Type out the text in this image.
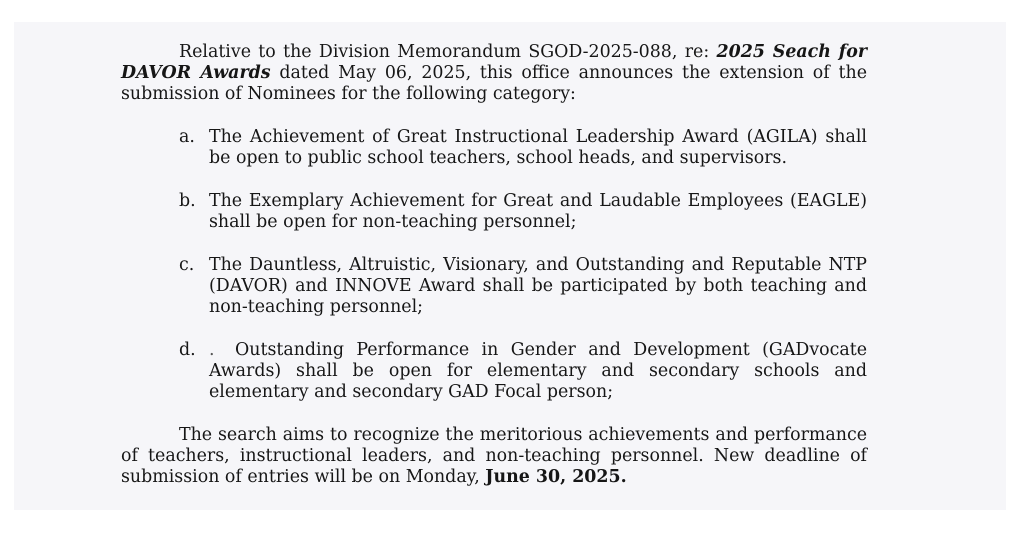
Relative to the Division Memorandum SGOD-2025-088, re: 2025 Seach for DAVOR Awards dated May 06, 2025, this office announces the extension of the submission of Nominees for the following category:

a. The Achievement of Great Instructional Leadership Award (AGILA) shall be open to public school teachers, school heads, and supervisors.
b. The Exemplary Achievement for Great and Laudable Employees (EAGLE) shall be open for non-teaching personnel;
c. The Dauntless, Altruistic, Visionary, and Outstanding and Reputable NTP (DAVOR) and INNOVE Award shall be participated by both teaching and non-teaching personnel;
d. . Outstanding Performance in Gender and Development (GADvocate Awards) shall be open for elementary and secondary schools and elementary and secondary GAD Focal person;

The search aims to recognize the meritorious achievements and performance of teachers, instructional leaders, and non-teaching personnel. New deadline of submission of entries will be on Monday, June 30, 2025.
